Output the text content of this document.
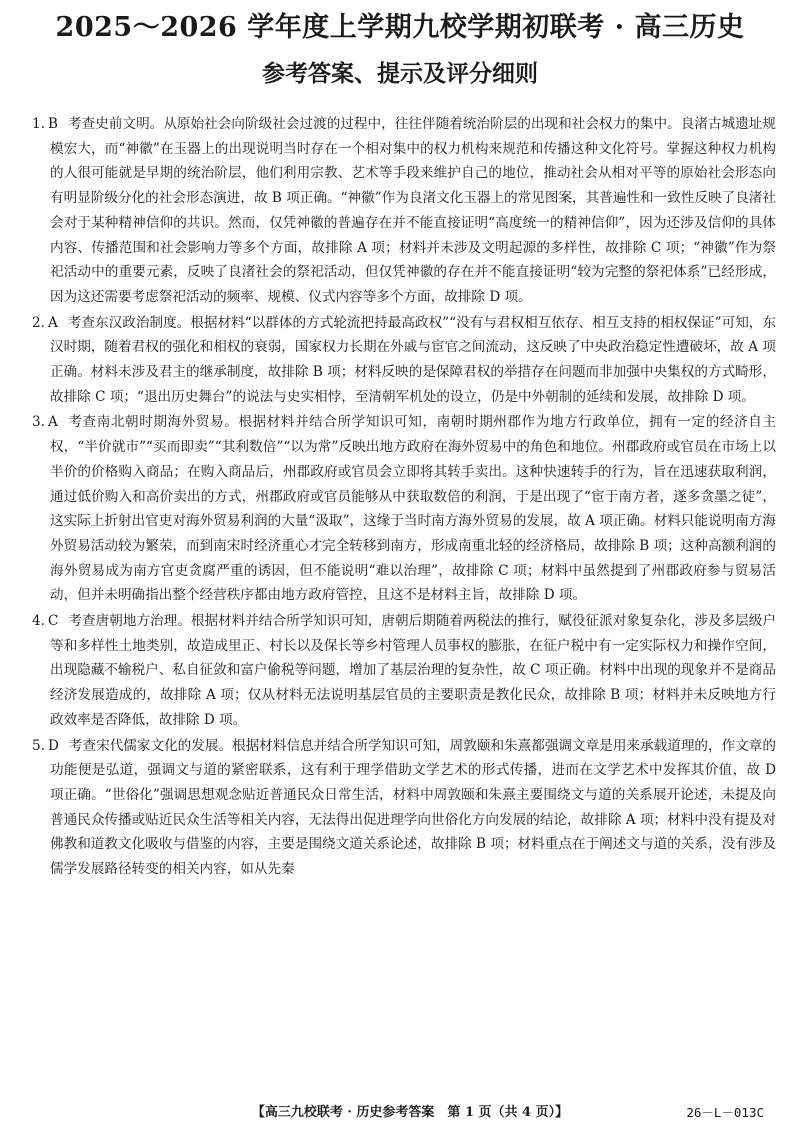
2025～2026 学年度上学期九校学期初联考 · 高三历史
参考答案、提示及评分细则

1. B 考查史前文明。从原始社会向阶级社会过渡的过程中，往往伴随着统治阶层的出现和社会权力的集中。良渚古城遗址规模宏大，而“神徽”在玉器上的出现说明当时存在一个相对集中的权力机构来规范和传播这种文化符号。掌握这种权力机构的人很可能就是早期的统治阶层，他们利用宗教、艺术等手段来维护自己的地位，推动社会从相对平等的原始社会形态向有明显阶级分化的社会形态演进，故 B 项正确。“神徽”作为良渚文化玉器上的常见图案，其普遍性和一致性反映了良渚社会对于某种精神信仰的共识。然而，仅凭神徽的普遍存在并不能直接证明“高度统一的精神信仰”，因为还涉及信仰的具体内容、传播范围和社会影响力等多个方面，故排除 A 项；材料并未涉及文明起源的多样性，故排除 C 项；“神徽”作为祭祀活动中的重要元素，反映了良渚社会的祭祀活动，但仅凭神徽的存在并不能直接证明“较为完整的祭祀体系”已经形成，因为这还需要考虑祭祀活动的频率、规模、仪式内容等多个方面，故排除 D 项。

2. A 考查东汉政治制度。根据材料“以群体的方式轮流把持最高政权”“没有与君权相互依存、相互支持的相权保证”可知，东汉时期，随着君权的强化和相权的衰弱，国家权力长期在外戚与宦官之间流动，这反映了中央政治稳定性遭破坏，故 A 项正确。材料未涉及君主的继承制度，故排除 B 项；材料反映的是保障君权的举措存在问题而非加强中央集权的方式畸形，故排除 C 项；“退出历史舞台”的说法与史实相悖，至清朝军机处的设立，仍是中外朝制的延续和发展，故排除 D 项。

3. A 考查南北朝时期海外贸易。根据材料并结合所学知识可知，南朝时期州郡作为地方行政单位，拥有一定的经济自主权，“半价就市”“买而即卖”“其利数倍”“以为常”反映出地方政府在海外贸易中的角色和地位。州郡政府或官员在市场上以半价的价格购入商品；在购入商品后，州郡政府或官员会立即将其转手卖出。这种快速转手的行为，旨在迅速获取利润，通过低价购入和高价卖出的方式，州郡政府或官员能够从中获取数倍的利润，于是出现了“宦于南方者，遂多贪墨之徒”，这实际上折射出官吏对海外贸易利润的大量“汲取”，这缘于当时南方海外贸易的发展，故 A 项正确。材料只能说明南方海外贸易活动较为繁荣，而到南宋时经济重心才完全转移到南方，形成南重北轻的经济格局，故排除 B 项；这种高额利润的海外贸易成为南方官吏贪腐严重的诱因，但不能说明“难以治理”，故排除 C 项；材料中虽然提到了州郡政府参与贸易活动，但并未明确指出整个经营秩序都由地方政府管控，且这不是材料主旨，故排除 D 项。

4. C 考查唐朝地方治理。根据材料并结合所学知识可知，唐朝后期随着两税法的推行，赋役征派对象复杂化，涉及多层级户等和多样性土地类别，故造成里正、村长以及保长等乡村管理人员事权的膨胀，在征户税中有一定实际权力和操作空间，出现隐藏不输税户、私自征敛和富户偷税等问题，增加了基层治理的复杂性，故 C 项正确。材料中出现的现象并不是商品经济发展造成的，故排除 A 项；仅从材料无法说明基层官员的主要职责是教化民众，故排除 B 项；材料并未反映地方行政效率是否降低，故排除 D 项。

5. D 考查宋代儒家文化的发展。根据材料信息并结合所学知识可知，周敦颐和朱熹都强调文章是用来承载道理的，作文章的功能便是弘道，强调文与道的紧密联系，这有利于理学借助文学艺术的形式传播，进而在文学艺术中发挥其价值，故 D 项正确。“世俗化”强调思想观念贴近普通民众日常生活，材料中周敦颐和朱熹主要围绕文与道的关系展开论述，未提及向普通民众传播或贴近民众生活等相关内容，无法得出促进理学向世俗化方向发展的结论，故排除 A 项；材料中没有提及对佛教和道教文化吸收与借鉴的内容，主要是围绕文道关系论述，故排除 B 项；材料重点在于阐述文与道的关系，没有涉及儒学发展路径转变的相关内容，如从先秦

【高三九校联考 · 历史参考答案　第 1 页（共 4 页）】	26－L－013C
